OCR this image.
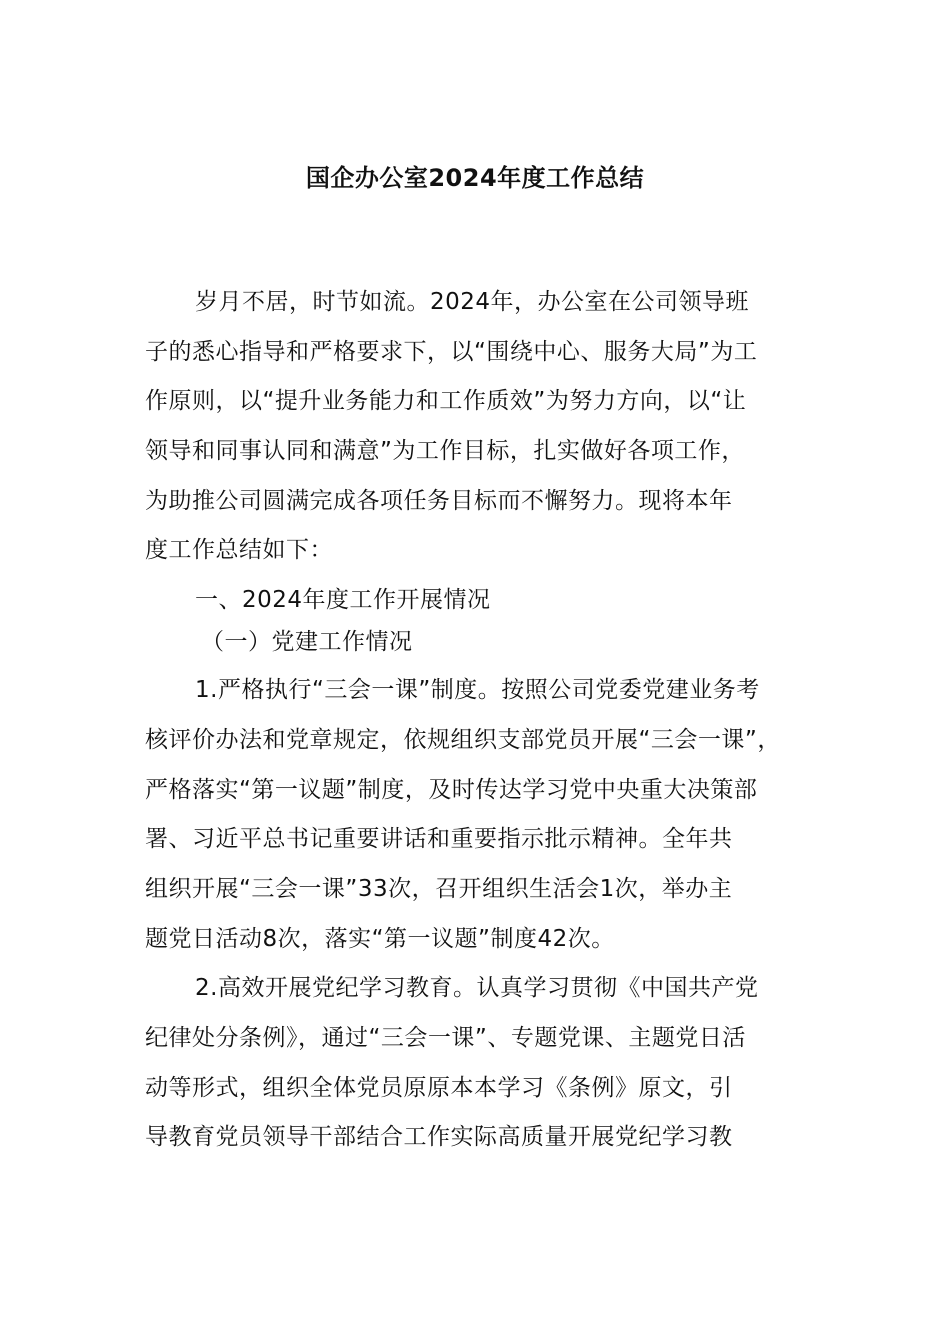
国企办公室2024年度工作总结
岁月不居，时节如流。2024年，办公室在公司领导班
子的悉心指导和严格要求下，以“围绕中心、服务大局”为工
作原则，以“提升业务能力和工作质效”为努力方向，以“让
领导和同事认同和满意”为工作目标，扎实做好各项工作，
为助推公司圆满完成各项任务目标而不懈努力。现将本年
度工作总结如下：
一、2024年度工作开展情况
（一）党建工作情况
1.严格执行“三会一课”制度。按照公司党委党建业务考
核评价办法和党章规定，依规组织支部党员开展“三会一课”，
严格落实“第一议题”制度，及时传达学习党中央重大决策部
署、习近平总书记重要讲话和重要指示批示精神。全年共
组织开展“三会一课”33次，召开组织生活会1次，举办主
题党日活动8次，落实“第一议题”制度42次。
2.高效开展党纪学习教育。认真学习贯彻《中国共产党
纪律处分条例》，通过“三会一课”、专题党课、主题党日活
动等形式，组织全体党员原原本本学习《条例》原文，引
导教育党员领导干部结合工作实际高质量开展党纪学习教
